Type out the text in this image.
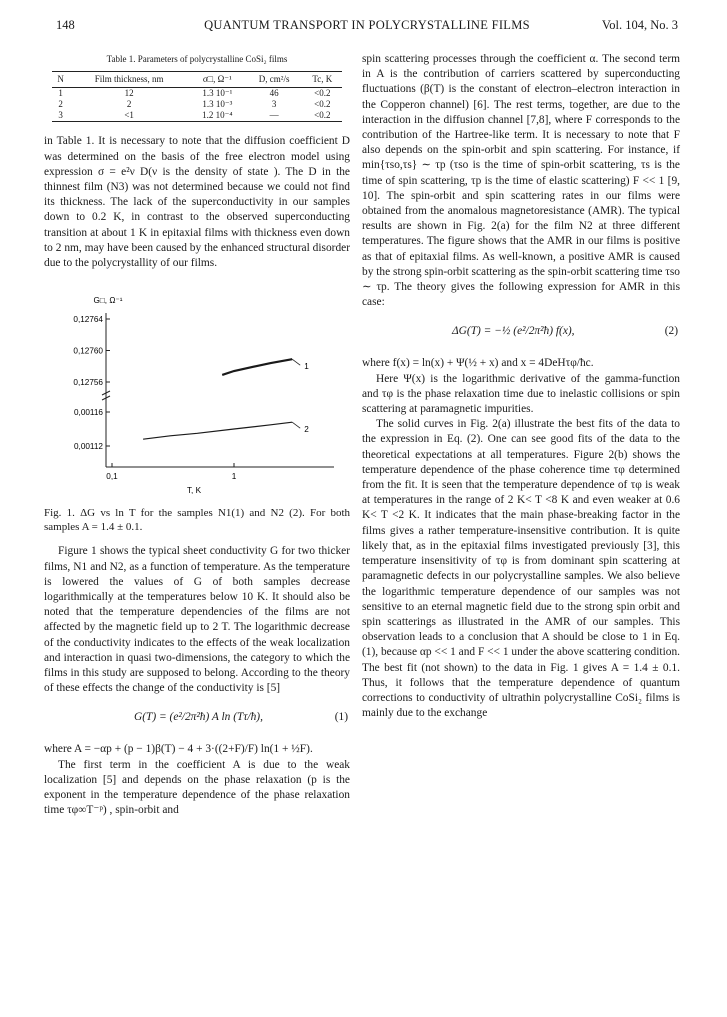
148	QUANTUM TRANSPORT IN POLYCRYSTALLINE FILMS	Vol. 104, No. 3
Table 1. Parameters of polycrystalline CoSi₂ films
N	Film thickness, nm	σ□, Ω⁻¹	D, cm²/s	Tc, K
1	12	1.3 10⁻¹	46	<0.2
2	2	1.3 10⁻³	3	<0.2
3	<1	1.2 10⁻⁴	—	<0.2

in Table 1. It is necessary to note that the diffusion coefficient D was determined on the basis of the free electron model using expression σ = e²ν D(ν is the density of state ). The D in the thinnest film (N3) was not determined because we could not find its thickness. The lack of the superconductivity in our samples down to 0.2 K, in contrast to the observed superconducting transition at about 1 K in epitaxial films with thickness even down to 2 nm, may have been caused by the enhanced structural disorder due to the polycrystallity of our films.

0,12764
0,12760
0,12756
0,00116
0,00112
0,1	1
G□, Ω⁻¹
T, K
1
2

Fig. 1. ΔG vs ln T for the samples N1(1) and N2 (2). For both samples A = 1.4 ± 0.1.

Figure 1 shows the typical sheet conductivity G for two thicker films, N1 and N2, as a function of temperature. As the temperature is lowered the values of G of both samples decrease logarithmically at the temperatures below 10 K. It should also be noted that the temperature dependencies of the films are not affected by the magnetic field up to 2 T. The logarithmic decrease of the conductivity indicates to the effects of the weak localization and interaction in quasi two-dimensions, the category to which the films in this study are supposed to belong. According to the theory of these effects the change of the conductivity is [5]

G(T) = (e²/2π²ħ) A ln (Tτ/ħ),	(1)

where A = −αp + (p − 1)β(T) − 4 + 3·((2+F)/F) ln(1 + ½F).

The first term in the coefficient A is due to the weak localization [5] and depends on the phase relaxation (p is the exponent in the temperature dependence of the phase relaxation time τφ∞T⁻ᵖ) , spin-orbit and

spin scattering processes through the coefficient α. The second term in A is the contribution of carriers scattered by superconducting fluctuations (β(T) is the constant of electron–electron interaction in the Copperon channel) [6]. The rest terms, together, are due to the interaction in the diffusion channel [7,8], where F corresponds to the contribution of the Hartree-like term. It is necessary to note that F also depends on the spin-orbit and spin scattering. For instance, if min{τso,τs} ∼ τp (τso is the time of spin-orbit scattering, τs is the time of spin scattering, τp is the time of elastic scattering) F << 1 [9, 10]. The spin-orbit and spin scattering rates in our films were obtained from the anomalous magnetoresistance (AMR). The typical results are shown in Fig. 2(a) for the film N2 at three different temperatures. The figure shows that the AMR in our films is positive as that of epitaxial films. As well-known, a positive AMR is caused by the strong spin-orbit scattering as the spin-orbit scattering time τso ∼ τp. The theory gives the following expression for AMR in this case:

ΔG(T) = −½ (e²/2π²ħ) f(x),	(2)

where f(x) = ln(x) + Ψ(½ + x) and x = 4DeHτφ/ħc.

Here Ψ(x) is the logarithmic derivative of the gamma-function and τφ is the phase relaxation time due to inelastic collisions or spin scattering at paramagnetic impurities.

The solid curves in Fig. 2(a) illustrate the best fits of the data to the expression in Eq. (2). One can see good fits of the data to the theoretical expectations at all temperatures. Figure 2(b) shows the temperature dependence of the phase coherence time τφ determined from the fit. It is seen that the temperature dependence of τφ is weak at temperatures in the range of 2 K< T <8 K and even weaker at 0.6 K< T <2 K. It indicates that the main phase-breaking factor in the films gives a rather temperature-insensitive contribution. It is quite likely that, as in the epitaxial films investigated previously [3], this temperature insensitivity of τφ is from dominant spin scattering at paramagnetic defects in our polycrystalline samples. We also believe the logarithmic temperature dependence of our samples was not sensitive to an eternal magnetic field due to the strong spin orbit and spin scatterings as illustrated in the AMR of our samples. This observation leads to a conclusion that A should be close to 1 in Eq. (1), because αp << 1 and F << 1 under the above scattering condition. The best fit (not shown) to the data in Fig. 1 gives A = 1.4 ± 0.1. Thus, it follows that the temperature dependence of quantum corrections to conductivity of ultrathin polycrystalline CoSi₂ films is mainly due to the exchange
